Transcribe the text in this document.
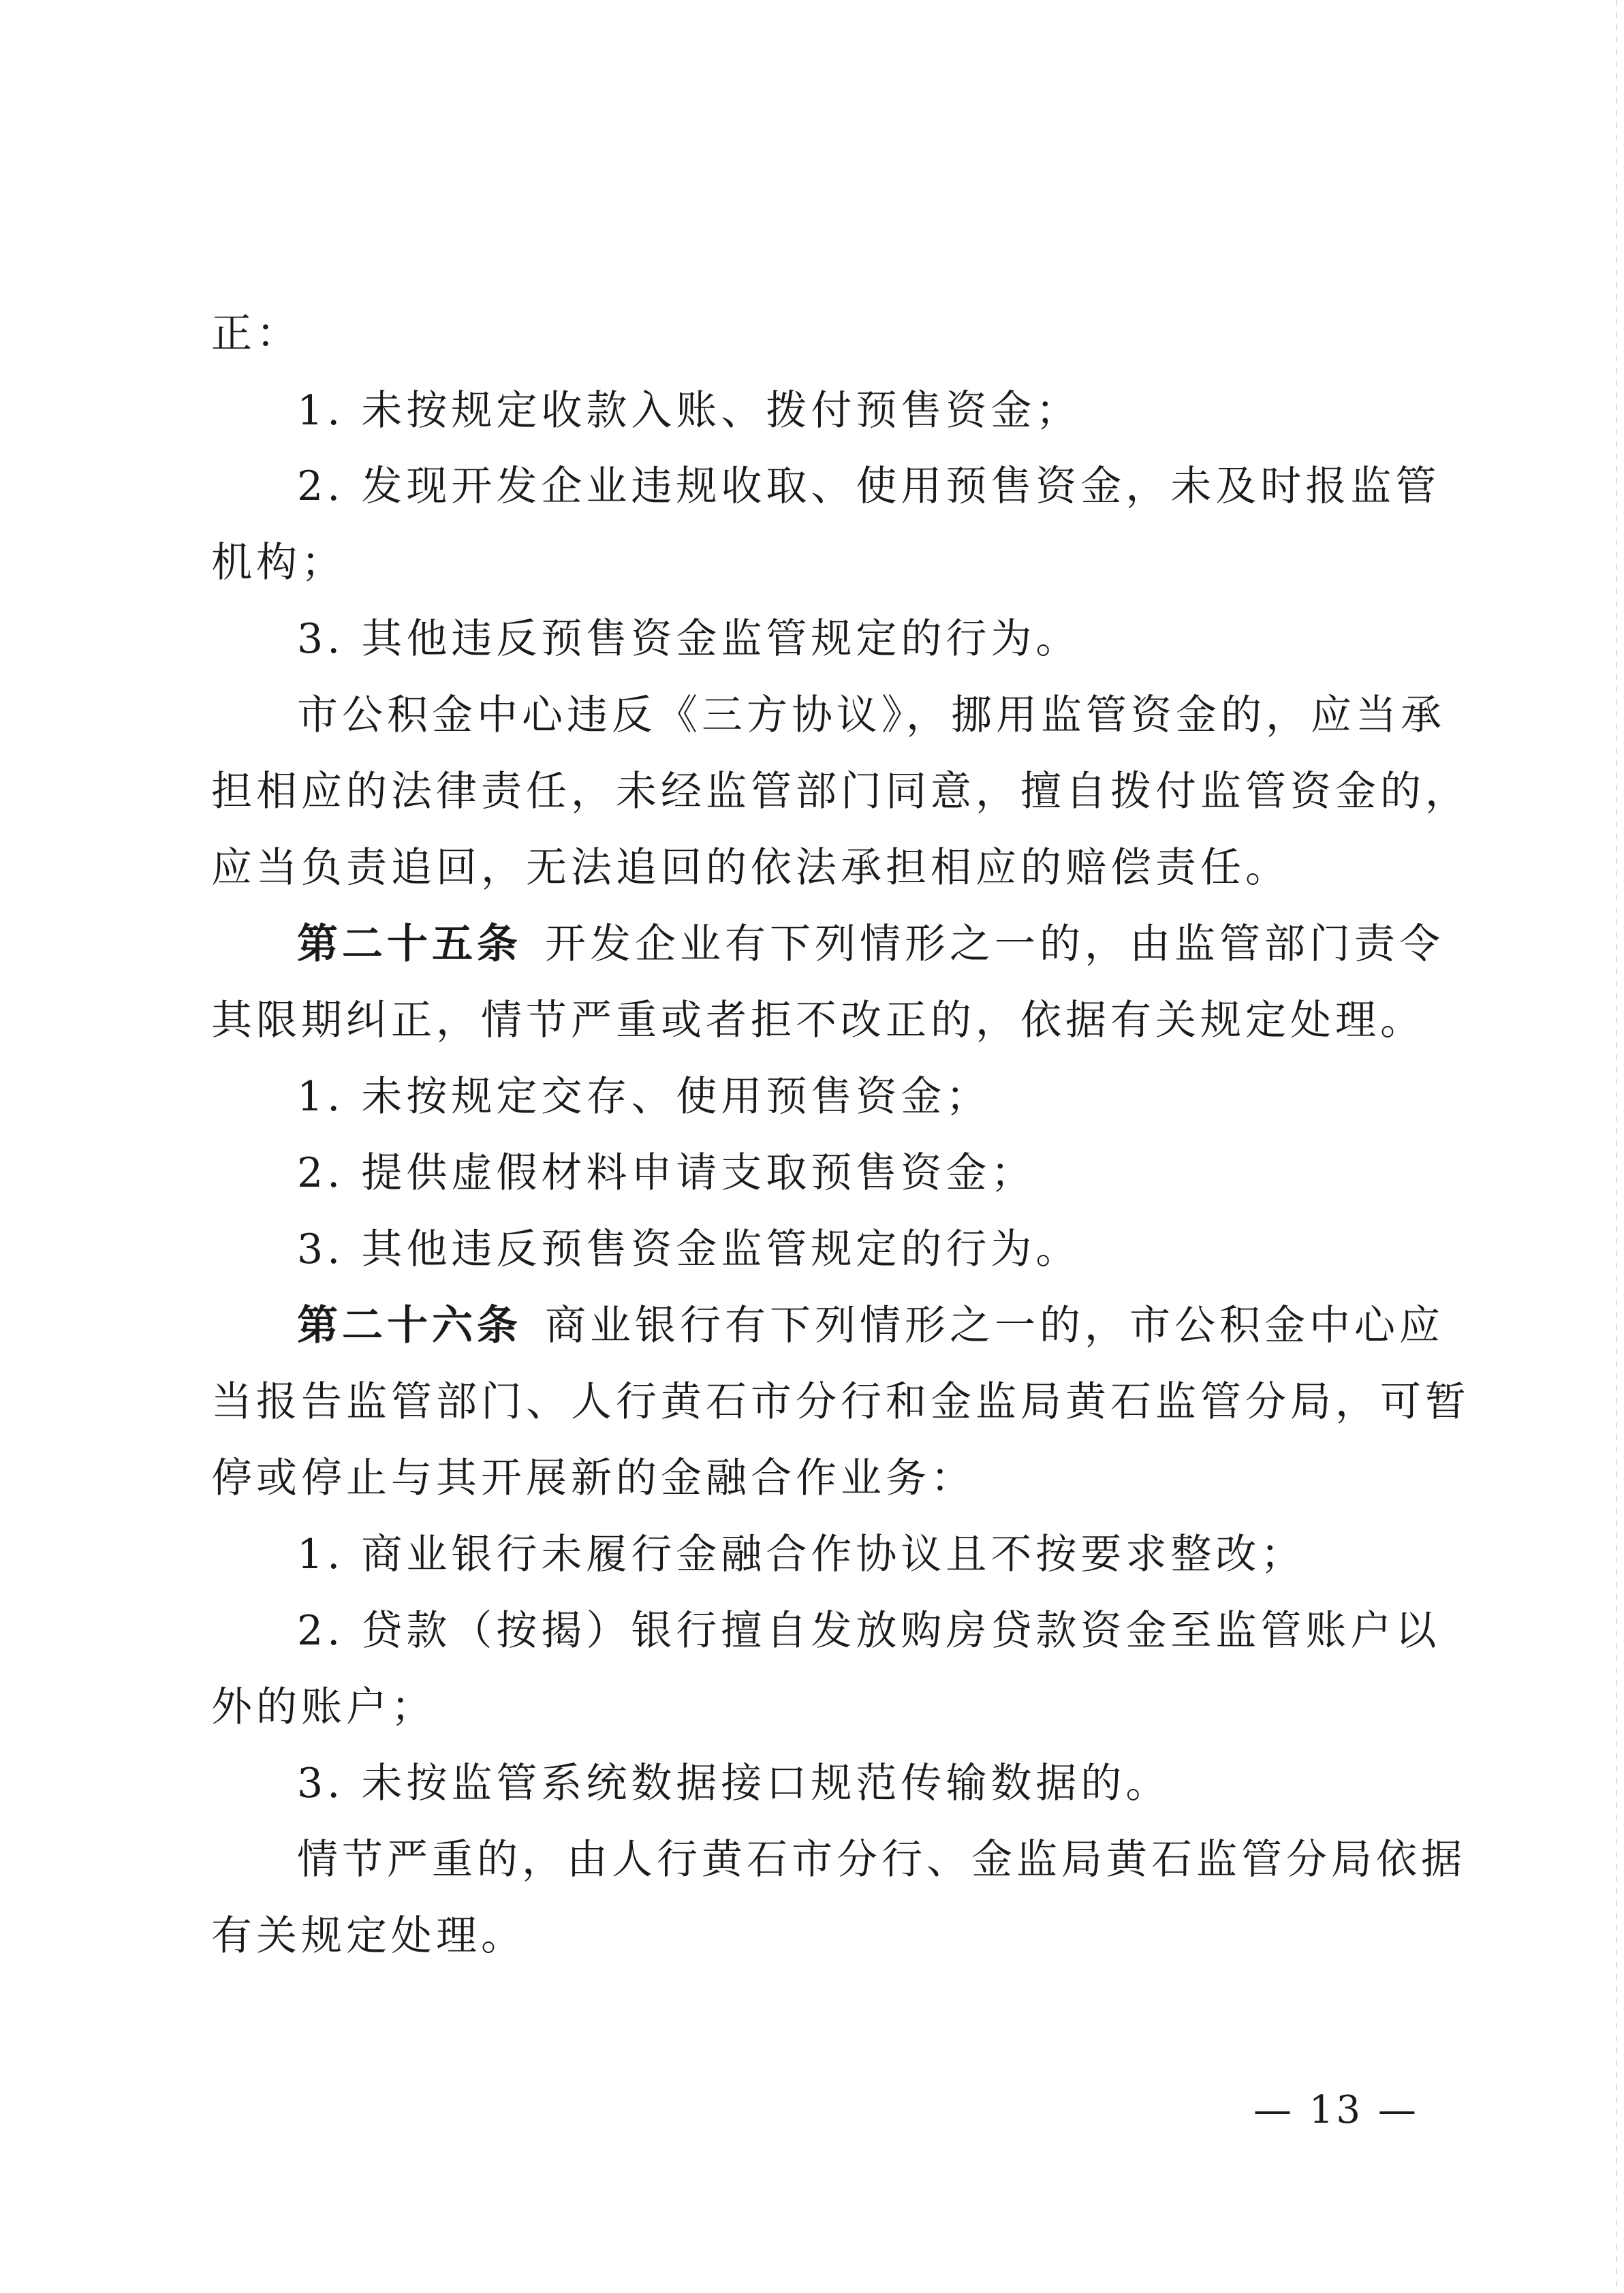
正：
1. 未按规定收款入账、拨付预售资金；
2. 发现开发企业违规收取、使用预售资金，未及时报监管
机构；
3. 其他违反预售资金监管规定的行为。
市公积金中心违反《三方协议》，挪用监管资金的，应当承
担相应的法律责任，未经监管部门同意，擅自拨付监管资金的，
应当负责追回，无法追回的依法承担相应的赔偿责任。
第二十五条 开发企业有下列情形之一的，由监管部门责令
其限期纠正，情节严重或者拒不改正的，依据有关规定处理。
1. 未按规定交存、使用预售资金；
2. 提供虚假材料申请支取预售资金；
3. 其他违反预售资金监管规定的行为。
第二十六条 商业银行有下列情形之一的，市公积金中心应
当报告监管部门、人行黄石市分行和金监局黄石监管分局，可暂
停或停止与其开展新的金融合作业务：
1. 商业银行未履行金融合作协议且不按要求整改；
2. 贷款（按揭）银行擅自发放购房贷款资金至监管账户以
外的账户；
3. 未按监管系统数据接口规范传输数据的。
情节严重的，由人行黄石市分行、金监局黄石监管分局依据
有关规定处理。
— 13 —
